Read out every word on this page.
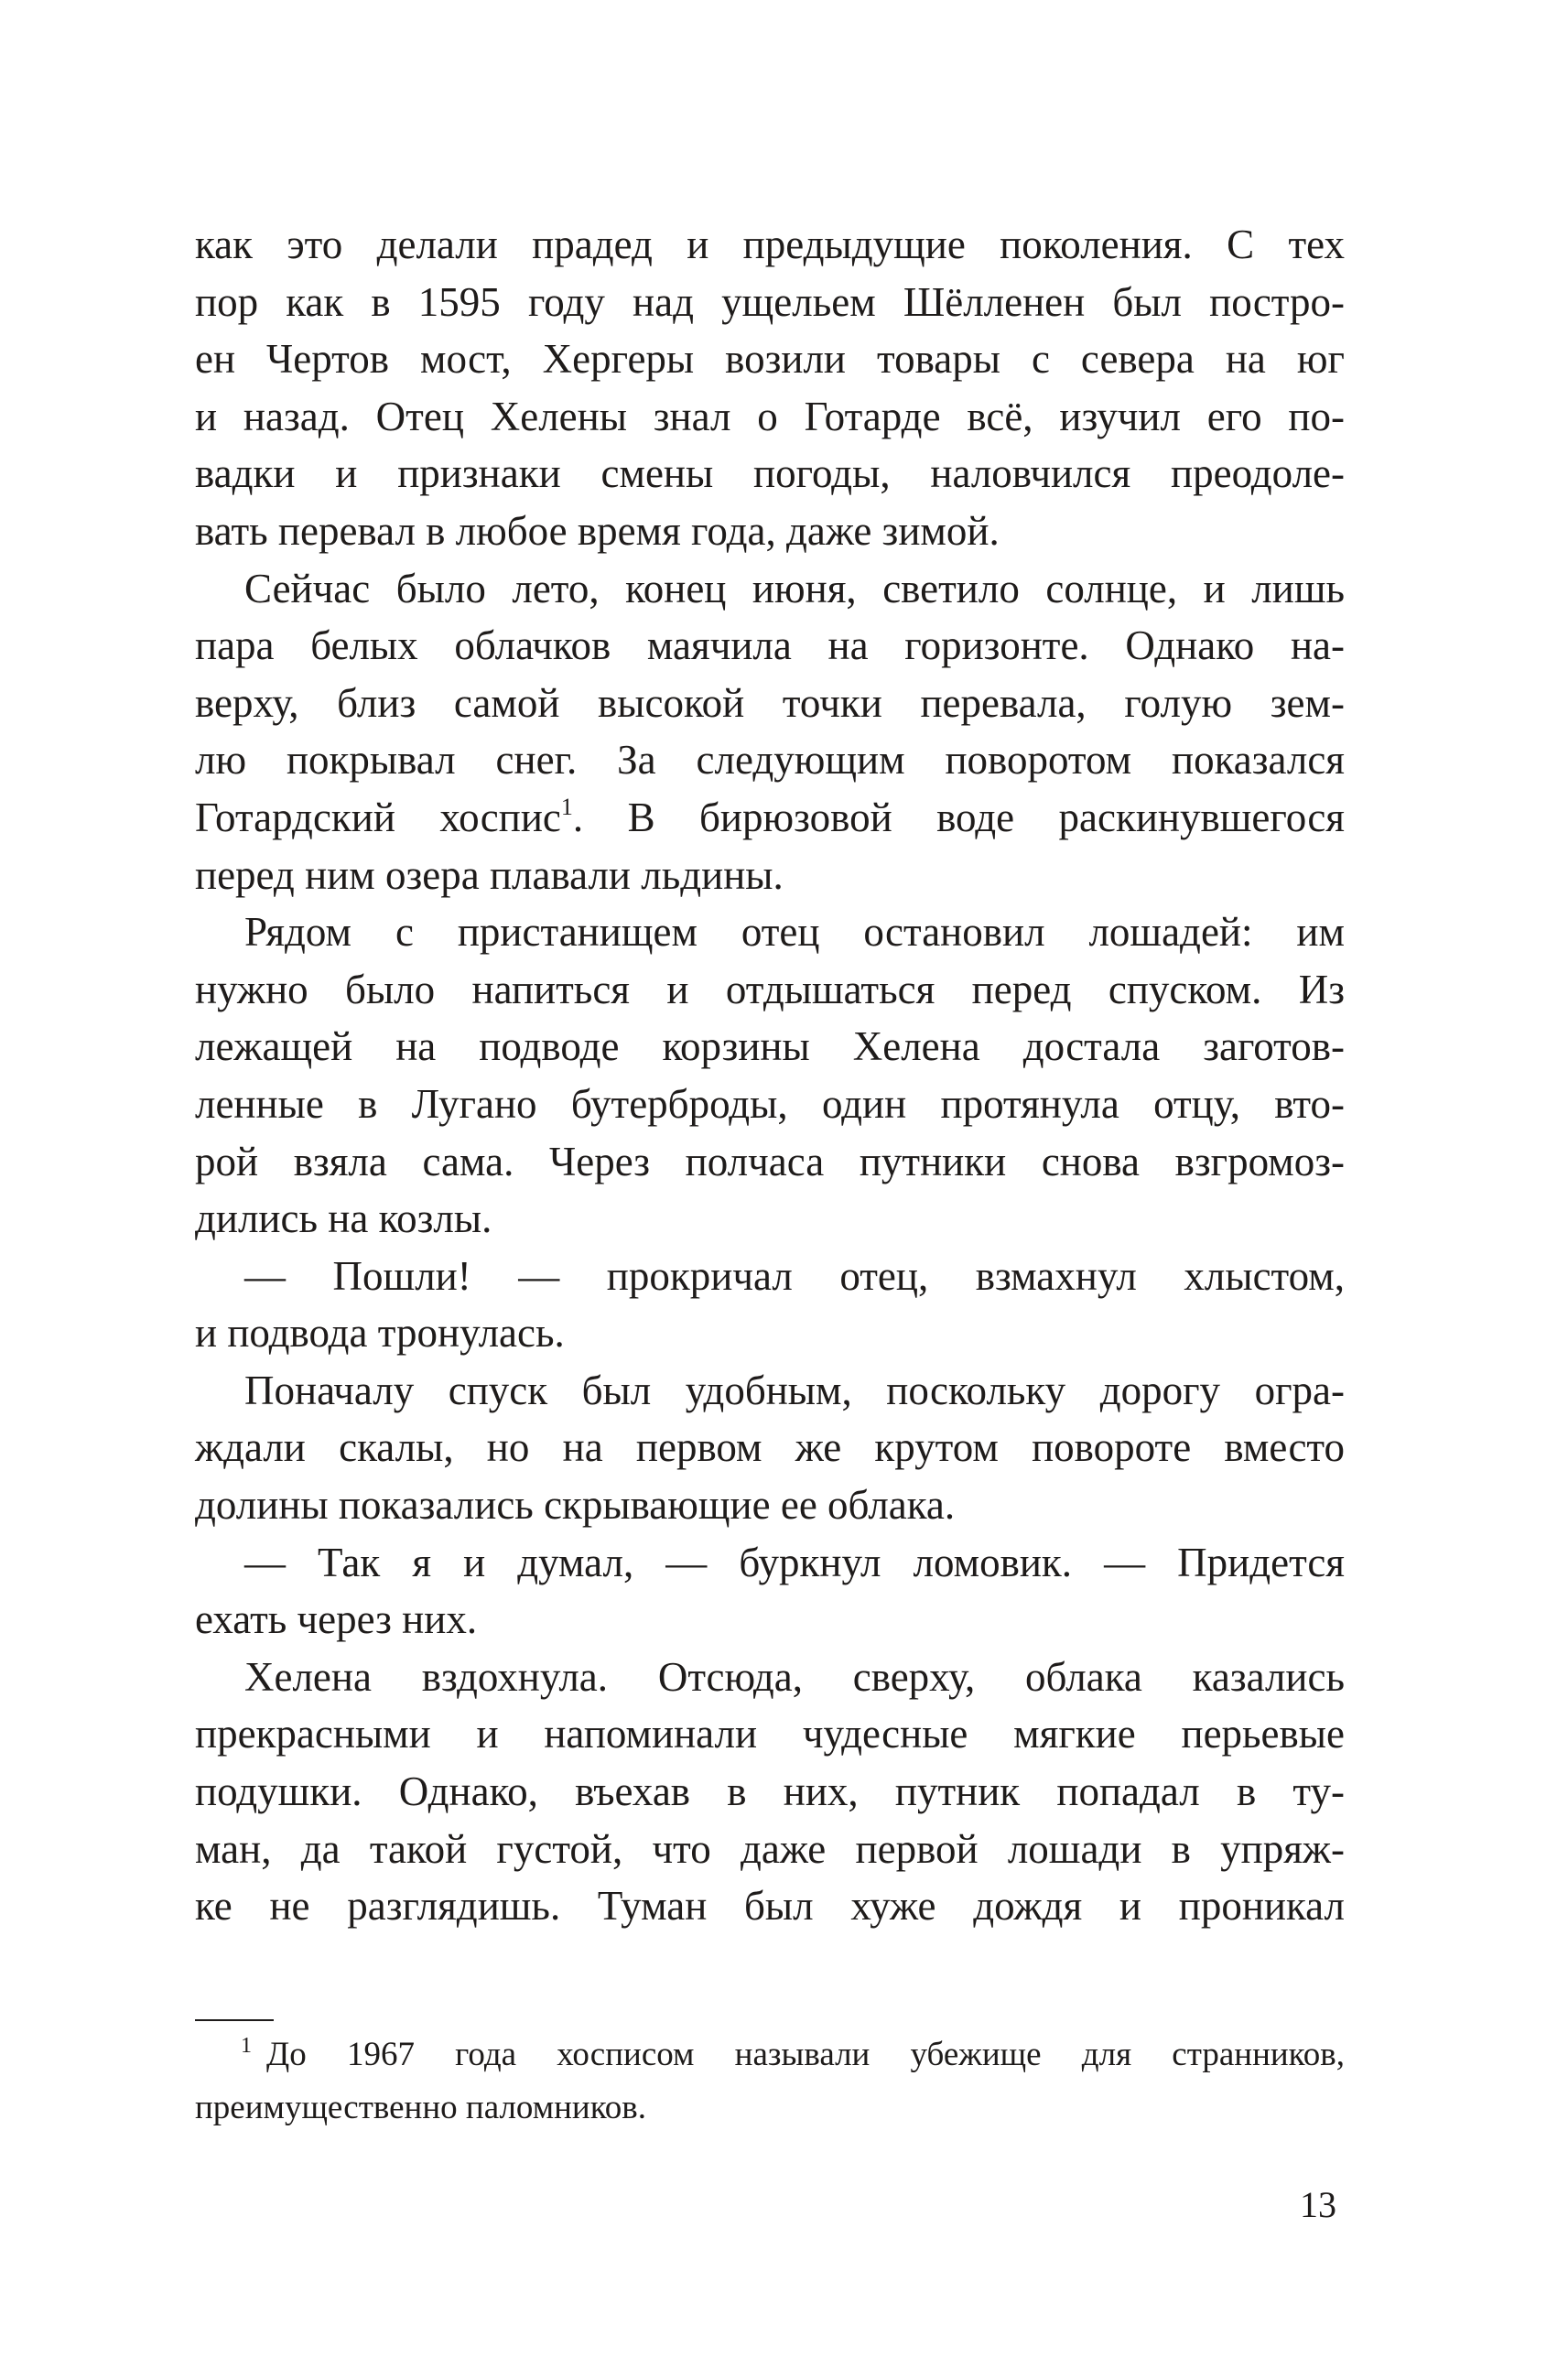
как это делали прадед и предыдущие поколения. С тех
пор как в 1595 году над ущельем Шёлленен был постро-
ен Чертов мост, Хергеры возили товары с севера на юг
и назад. Отец Хелены знал о Готарде всё, изучил его по-
вадки и признаки смены погоды, наловчился преодоле-
вать перевал в любое время года, даже зимой.
Сейчас было лето, конец июня, светило солнце, и лишь
пара белых облачков маячила на горизонте. Однако на-
верху, близ самой высокой точки перевала, голую зем-
лю покрывал снег. За следующим поворотом показался
Готардский хоспис$^1$. В бирюзовой воде раскинувшегося
перед ним озера плавали льдины.
Рядом с пристанищем отец остановил лошадей: им
нужно было напиться и отдышаться перед спуском. Из
лежащей на подводе корзины Хелена достала заготов-
ленные в Лугано бутерброды, один протянула отцу, вто-
рой взяла сама. Через полчаса путники снова взгромоз-
дились на козлы.
— Пошли! — прокричал отец, взмахнул хлыстом,
и подвода тронулась.
Поначалу спуск был удобным, поскольку дорогу огра-
ждали скалы, но на первом же крутом повороте вместо
долины показались скрывающие ее облака.
— Так я и думал, — буркнул ломовик. — Придется
ехать через них.
Хелена вздохнула. Отсюда, сверху, облака казались
прекрасными и напоминали чудесные мягкие перьевые
подушки. Однако, въехав в них, путник попадал в ту-
ман, да такой густой, что даже первой лошади в упряж-
ке не разглядишь. Туман был хуже дождя и проникал
$^1$ До 1967 года хосписом называли убежище для странников,
преимущественно паломников.
13
